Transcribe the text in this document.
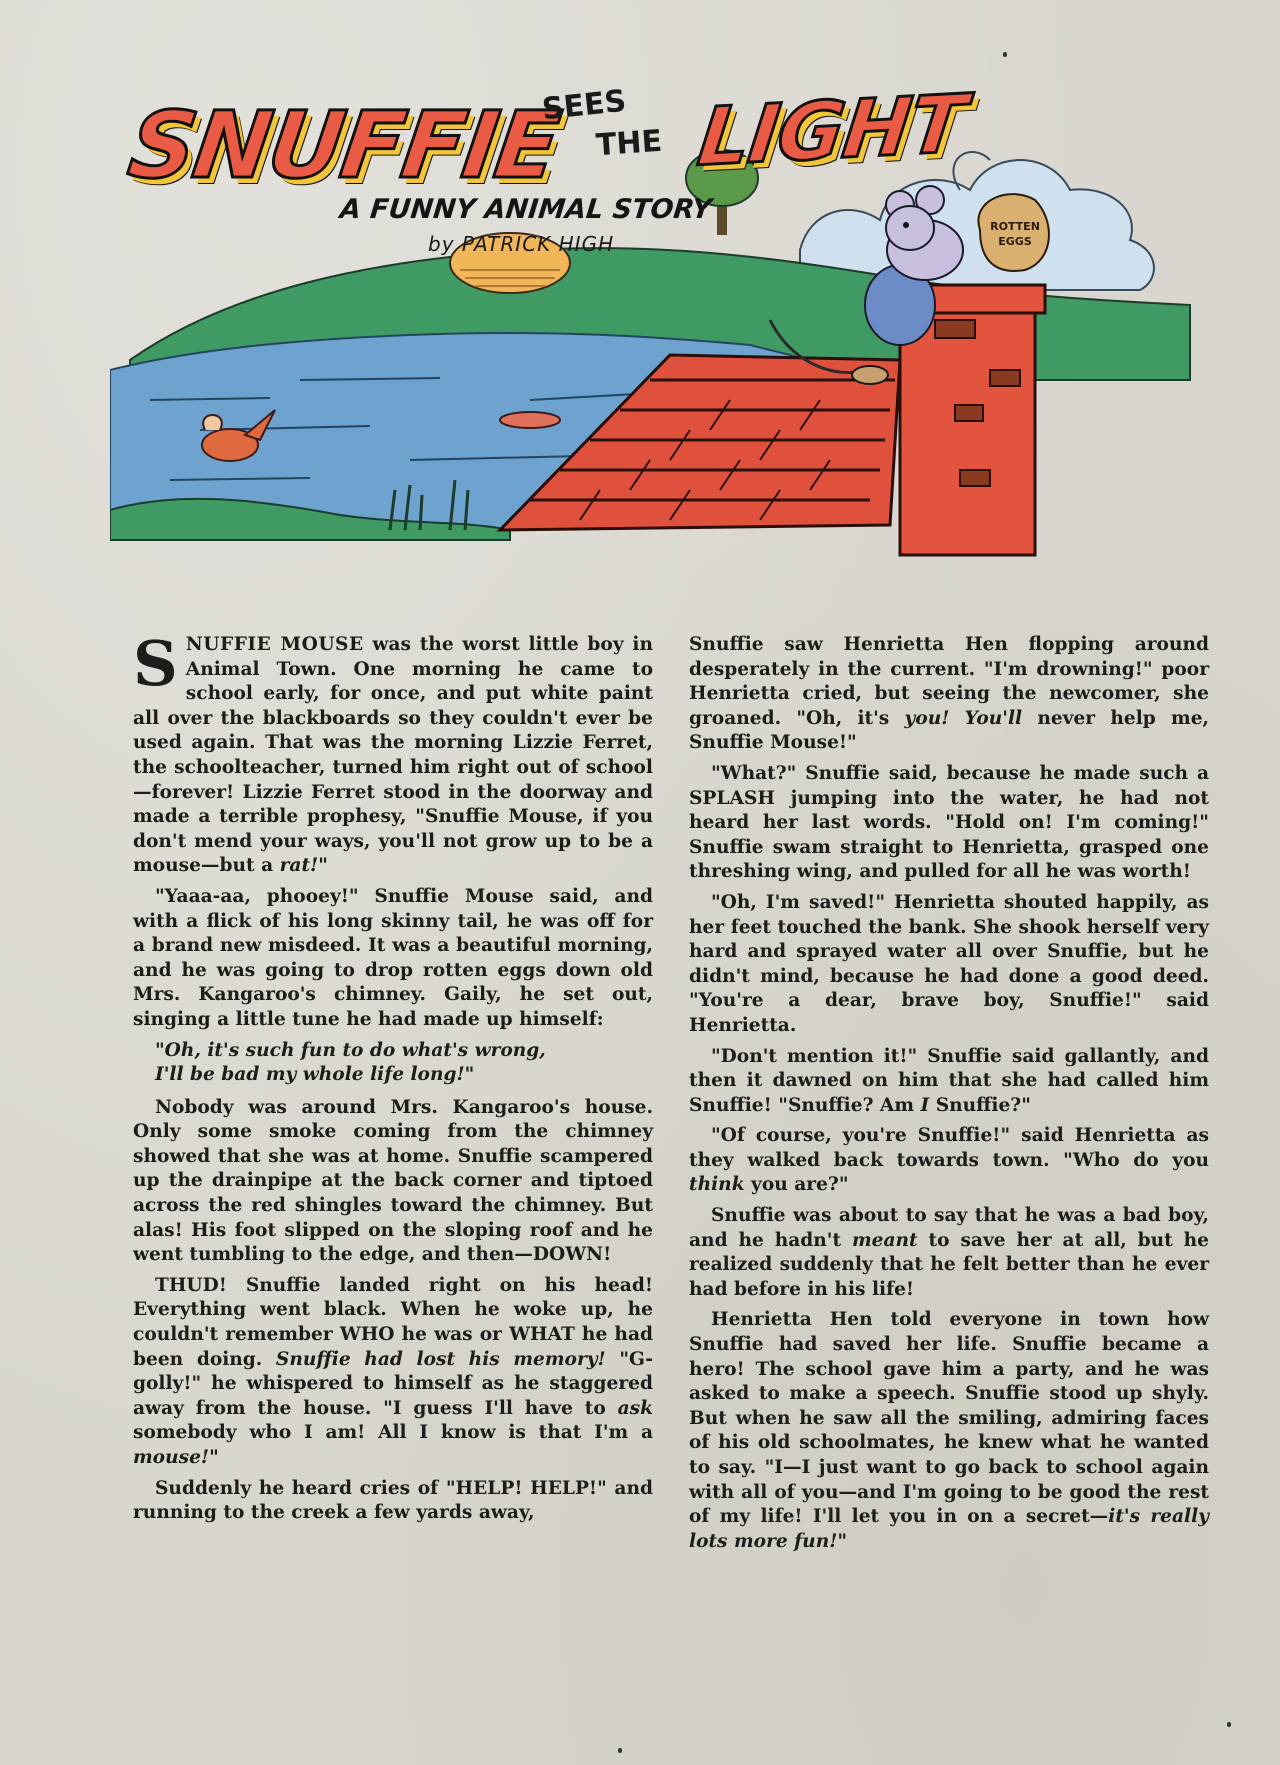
ROTTEN
EGGS
SNUFFIE
SEES
THE LIGHT
A FUNNY ANIMAL STORY
by PATRICK HIGH

SNUFFIE MOUSE was the worst little boy in Animal Town. One morning he came to school early, for once, and put white paint all over the blackboards so they couldn't ever be used again. That was the morning Lizzie Ferret, the schoolteacher, turned him right out of school—forever! Lizzie Ferret stood in the doorway and made a terrible prophesy, "Snuffie Mouse, if you don't mend your ways, you'll not grow up to be a mouse—but a rat!"

"Yaaa-aa, phooey!" Snuffie Mouse said, and with a flick of his long skinny tail, he was off for a brand new misdeed. It was a beautiful morning, and he was going to drop rotten eggs down old Mrs. Kangaroo's chimney. Gaily, he set out, singing a little tune he had made up himself:

"Oh, it's such fun to do what's wrong,
I'll be bad my whole life long!"

Nobody was around Mrs. Kangaroo's house. Only some smoke coming from the chimney showed that she was at home. Snuffie scampered up the drainpipe at the back corner and tiptoed across the red shingles toward the chimney. But alas! His foot slipped on the sloping roof and he went tumbling to the edge, and then—DOWN!

THUD! Snuffie landed right on his head! Everything went black. When he woke up, he couldn't remember WHO he was or WHAT he had been doing. Snuffie had lost his memory! "G-golly!" he whispered to himself as he staggered away from the house. "I guess I'll have to ask somebody who I am! All I know is that I'm a mouse!"

Suddenly he heard cries of "HELP! HELP!" and running to the creek a few yards away,

Snuffie saw Henrietta Hen flopping around desperately in the current. "I'm drowning!" poor Henrietta cried, but seeing the newcomer, she groaned. "Oh, it's you! You'll never help me, Snuffie Mouse!"

"What?" Snuffie said, because he made such a SPLASH jumping into the water, he had not heard her last words. "Hold on! I'm coming!" Snuffie swam straight to Henrietta, grasped one threshing wing, and pulled for all he was worth!

"Oh, I'm saved!" Henrietta shouted happily, as her feet touched the bank. She shook herself very hard and sprayed water all over Snuffie, but he didn't mind, because he had done a good deed. "You're a dear, brave boy, Snuffie!" said Henrietta.

"Don't mention it!" Snuffie said gallantly, and then it dawned on him that she had called him Snuffie! "Snuffie? Am I Snuffie?"

"Of course, you're Snuffie!" said Henrietta as they walked back towards town. "Who do you think you are?"

Snuffie was about to say that he was a bad boy, and he hadn't meant to save her at all, but he realized suddenly that he felt better than he ever had before in his life!

Henrietta Hen told everyone in town how Snuffie had saved her life. Snuffie became a hero! The school gave him a party, and he was asked to make a speech. Snuffie stood up shyly. But when he saw all the smiling, admiring faces of his old schoolmates, he knew what he wanted to say. "I—I just want to go back to school again with all of you—and I'm going to be good the rest of my life! I'll let you in on a secret—it's really lots more fun!"
